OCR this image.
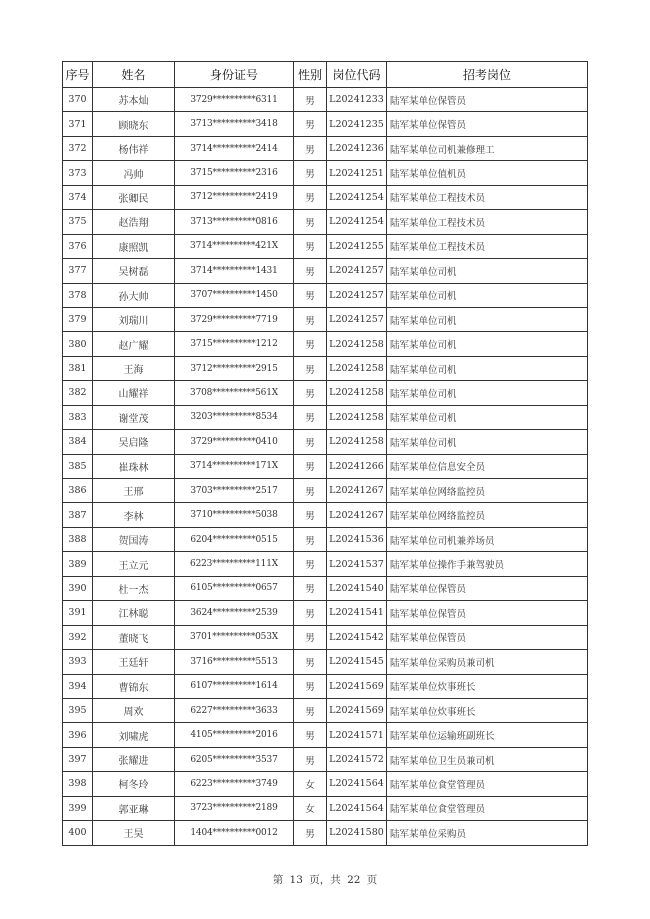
序号	姓名	身份证号	性别	岗位代码	招考岗位
370	苏本灿	3729**********6311	男	L20241233	陆军某单位保管员
371	顾晓东	3713**********3418	男	L20241235	陆军某单位保管员
372	杨伟祥	3714**********2414	男	L20241236	陆军某单位司机兼修理工
373	冯帅	3715**********2316	男	L20241251	陆军某单位值机员
374	张卿民	3712**********2419	男	L20241254	陆军某单位工程技术员
375	赵浩翔	3713**********0816	男	L20241254	陆军某单位工程技术员
376	康照凯	3714**********421X	男	L20241255	陆军某单位工程技术员
377	吴树磊	3714**********1431	男	L20241257	陆军某单位司机
378	孙大帅	3707**********1450	男	L20241257	陆军某单位司机
379	刘瑞川	3729**********7719	男	L20241257	陆军某单位司机
380	赵广耀	3715**********1212	男	L20241258	陆军某单位司机
381	王海	3712**********2915	男	L20241258	陆军某单位司机
382	山耀祥	3708**********561X	男	L20241258	陆军某单位司机
383	谢堂茂	3203**********8534	男	L20241258	陆军某单位司机
384	吴启隆	3729**********0410	男	L20241258	陆军某单位司机
385	崔珠林	3714**********171X	男	L20241266	陆军某单位信息安全员
386	王邢	3703**********2517	男	L20241267	陆军某单位网络监控员
387	李林	3710**********5038	男	L20241267	陆军某单位网络监控员
388	贺国涛	6204**********0515	男	L20241536	陆军某单位司机兼养场员
389	王立元	6223**********111X	男	L20241537	陆军某单位操作手兼驾驶员
390	杜一杰	6105**********0657	男	L20241540	陆军某单位保管员
391	江林聪	3624**********2539	男	L20241541	陆军某单位保管员
392	董晓飞	3701**********053X	男	L20241542	陆军某单位保管员
393	王廷轩	3716**********5513	男	L20241545	陆军某单位采购员兼司机
394	曹锦东	6107**********1614	男	L20241569	陆军某单位炊事班长
395	周欢	6227**********3633	男	L20241569	陆军某单位炊事班长
396	刘啸虎	4105**********2016	男	L20241571	陆军某单位运输班副班长
397	张耀进	6205**********3537	男	L20241572	陆军某单位卫生员兼司机
398	柯冬玲	6223**********3749	女	L20241564	陆军某单位食堂管理员
399	郭亚琳	3723**********2189	女	L20241564	陆军某单位食堂管理员
400	王昊	1404**********0012	男	L20241580	陆军某单位采购员
第 13 页，共 22 页
